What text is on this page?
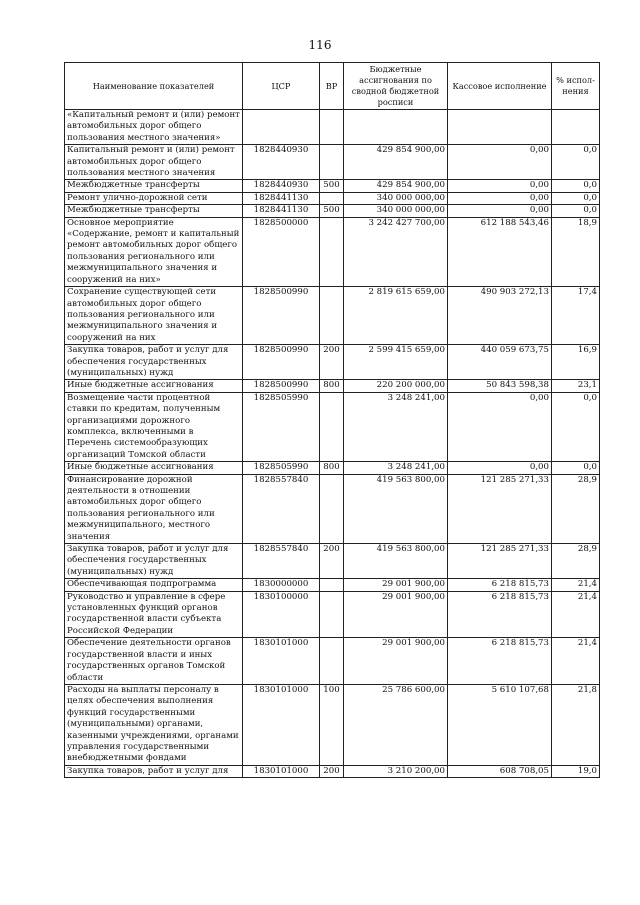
116
Наименование показателей	ЦСР	ВР	Бюджетные ассигнования по сводной бюджетной росписи	Кассовое исполнение	% испол-нения
«Капитальный ремонт и (или) ремонт автомобильных дорог общего пользования местного значения»					
Капитальный ремонт и (или) ремонт автомобильных дорог общего пользования местного значения	1828440930		429 854 900,00	0,00	0,0
Межбюджетные трансферты	1828440930	500	429 854 900,00	0,00	0,0
Ремонт улично-дорожной сети	1828441130		340 000 000,00	0,00	0,0
Межбюджетные трансферты	1828441130	500	340 000 000,00	0,00	0,0
Основное мероприятие «Содержание, ремонт и капитальный ремонт автомобильных дорог общего пользования регионального или межмуниципального значения и сооружений на них»	1828500000		3 242 427 700,00	612 188 543,46	18,9
Сохранение существующей сети автомобильных дорог общего пользования регионального или межмуниципального значения и сооружений на них	1828500990		2 819 615 659,00	490 903 272,13	17,4
Закупка товаров, работ и услуг для обеспечения государственных (муниципальных) нужд	1828500990	200	2 599 415 659,00	440 059 673,75	16,9
Иные бюджетные ассигнования	1828500990	800	220 200 000,00	50 843 598,38	23,1
Возмещение части процентной ставки по кредитам, полученным организациями дорожного комплекса, включенными в Перечень системообразующих организаций Томской области	1828505990		3 248 241,00	0,00	0,0
Иные бюджетные ассигнования	1828505990	800	3 248 241,00	0,00	0,0
Финансирование дорожной деятельности в отношении автомобильных дорог общего пользования регионального или межмуниципального, местного значения	1828557840		419 563 800,00	121 285 271,33	28,9
Закупка товаров, работ и услуг для обеспечения государственных (муниципальных) нужд	1828557840	200	419 563 800,00	121 285 271,33	28,9
Обеспечивающая подпрограмма	1830000000		29 001 900,00	6 218 815,73	21,4
Руководство и управление в сфере установленных функций органов государственной власти субъекта Российской Федерации	1830100000		29 001 900,00	6 218 815,73	21,4
Обеспечение деятельности органов государственной власти и иных государственных органов Томской области	1830101000		29 001 900,00	6 218 815,73	21,4
Расходы на выплаты персоналу в целях обеспечения выполнения функций государственными (муниципальными) органами, казенными учреждениями, органами управления государственными внебюджетными фондами	1830101000	100	25 786 600,00	5 610 107,68	21,8
Закупка товаров, работ и услуг для	1830101000	200	3 210 200,00	608 708,05	19,0
